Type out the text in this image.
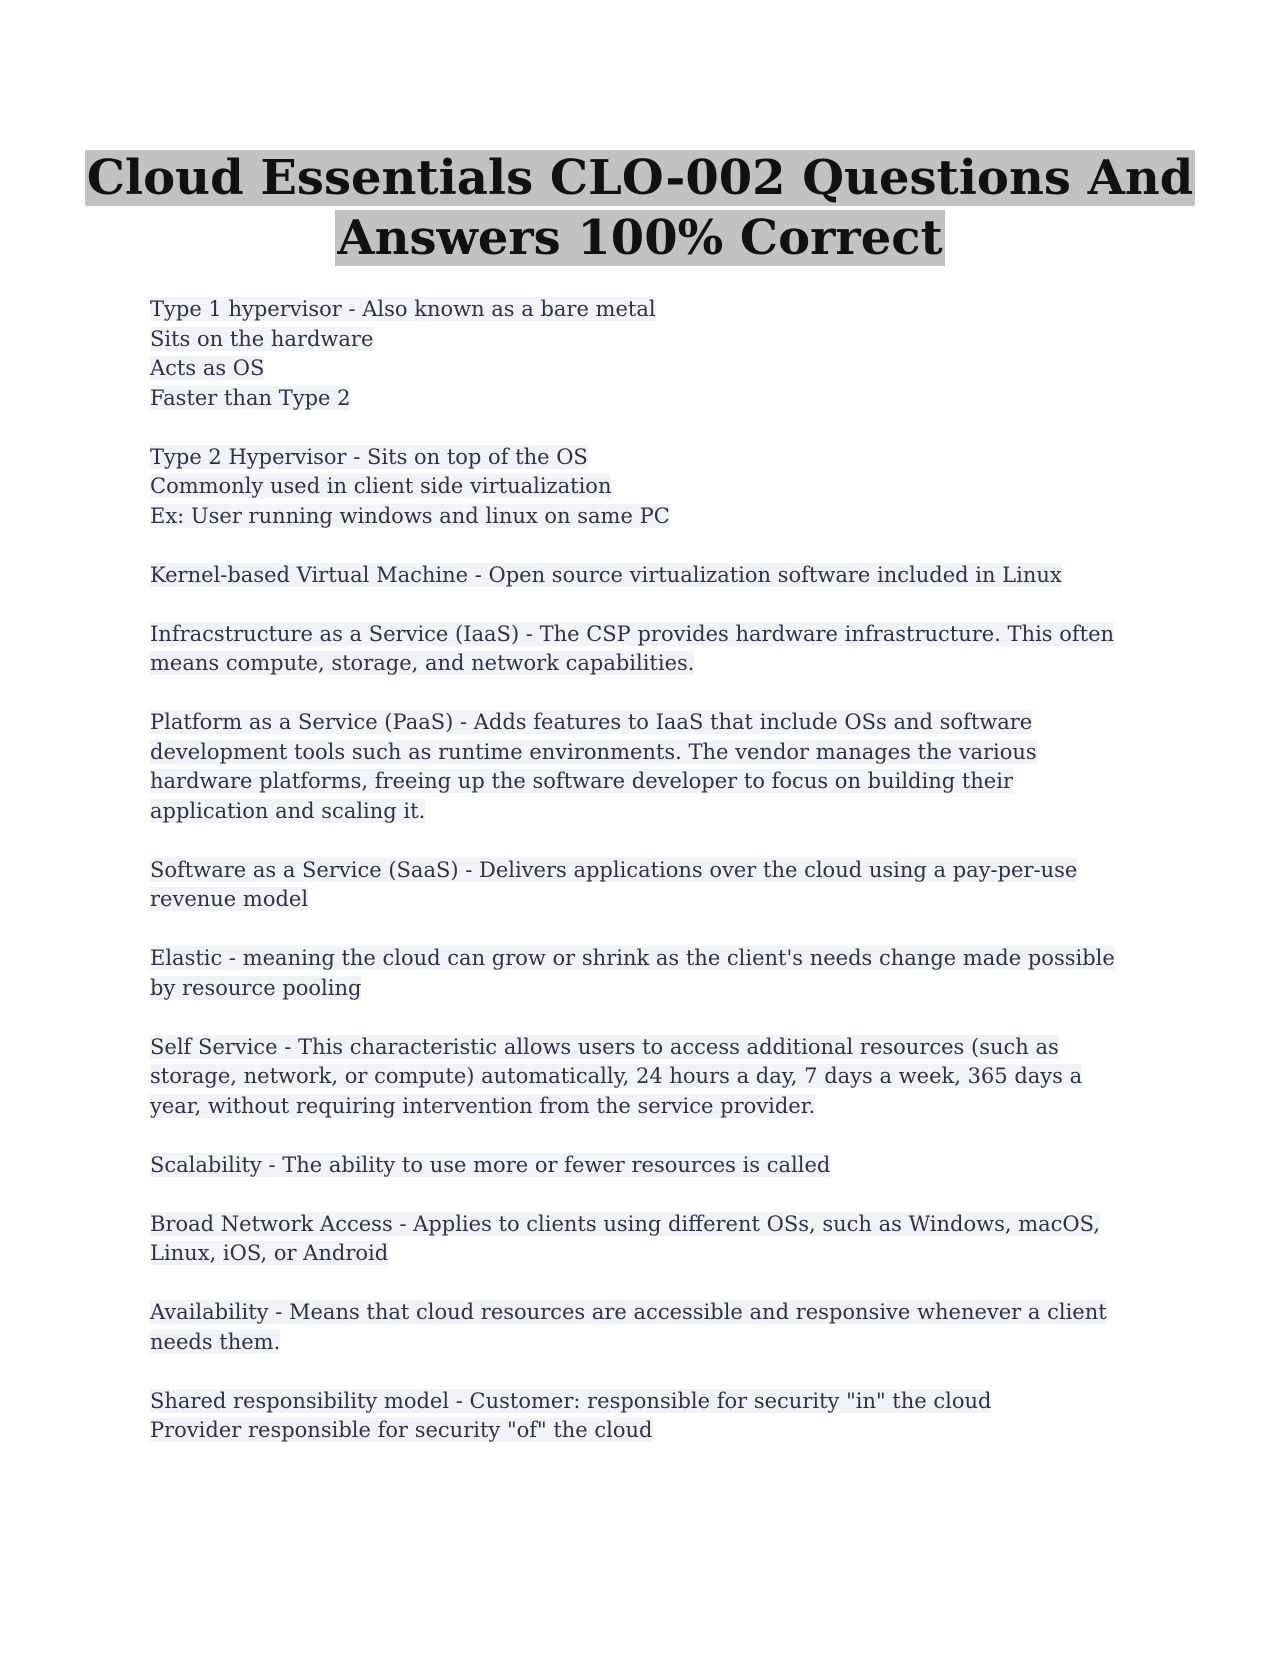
Cloud Essentials CLO-002 Questions And
Answers 100% Correct
Type 1 hypervisor - Also known as a bare metal
Sits on the hardware
Acts as OS
Faster than Type 2
Type 2 Hypervisor - Sits on top of the OS
Commonly used in client side virtualization
Ex: User running windows and linux on same PC
Kernel-based Virtual Machine - Open source virtualization software included in Linux
Infracstructure as a Service (IaaS) - The CSP provides hardware infrastructure. This often
means compute, storage, and network capabilities.
Platform as a Service (PaaS) - Adds features to IaaS that include OSs and software
development tools such as runtime environments. The vendor manages the various
hardware platforms, freeing up the software developer to focus on building their
application and scaling it.
Software as a Service (SaaS) - Delivers applications over the cloud using a pay-per-use
revenue model
Elastic - meaning the cloud can grow or shrink as the client's needs change made possible
by resource pooling
Self Service - This characteristic allows users to access additional resources (such as
storage, network, or compute) automatically, 24 hours a day, 7 days a week, 365 days a
year, without requiring intervention from the service provider.
Scalability - The ability to use more or fewer resources is called
Broad Network Access - Applies to clients using different OSs, such as Windows, macOS,
Linux, iOS, or Android
Availability - Means that cloud resources are accessible and responsive whenever a client
needs them.
Shared responsibility model - Customer: responsible for security "in" the cloud
Provider responsible for security "of" the cloud
